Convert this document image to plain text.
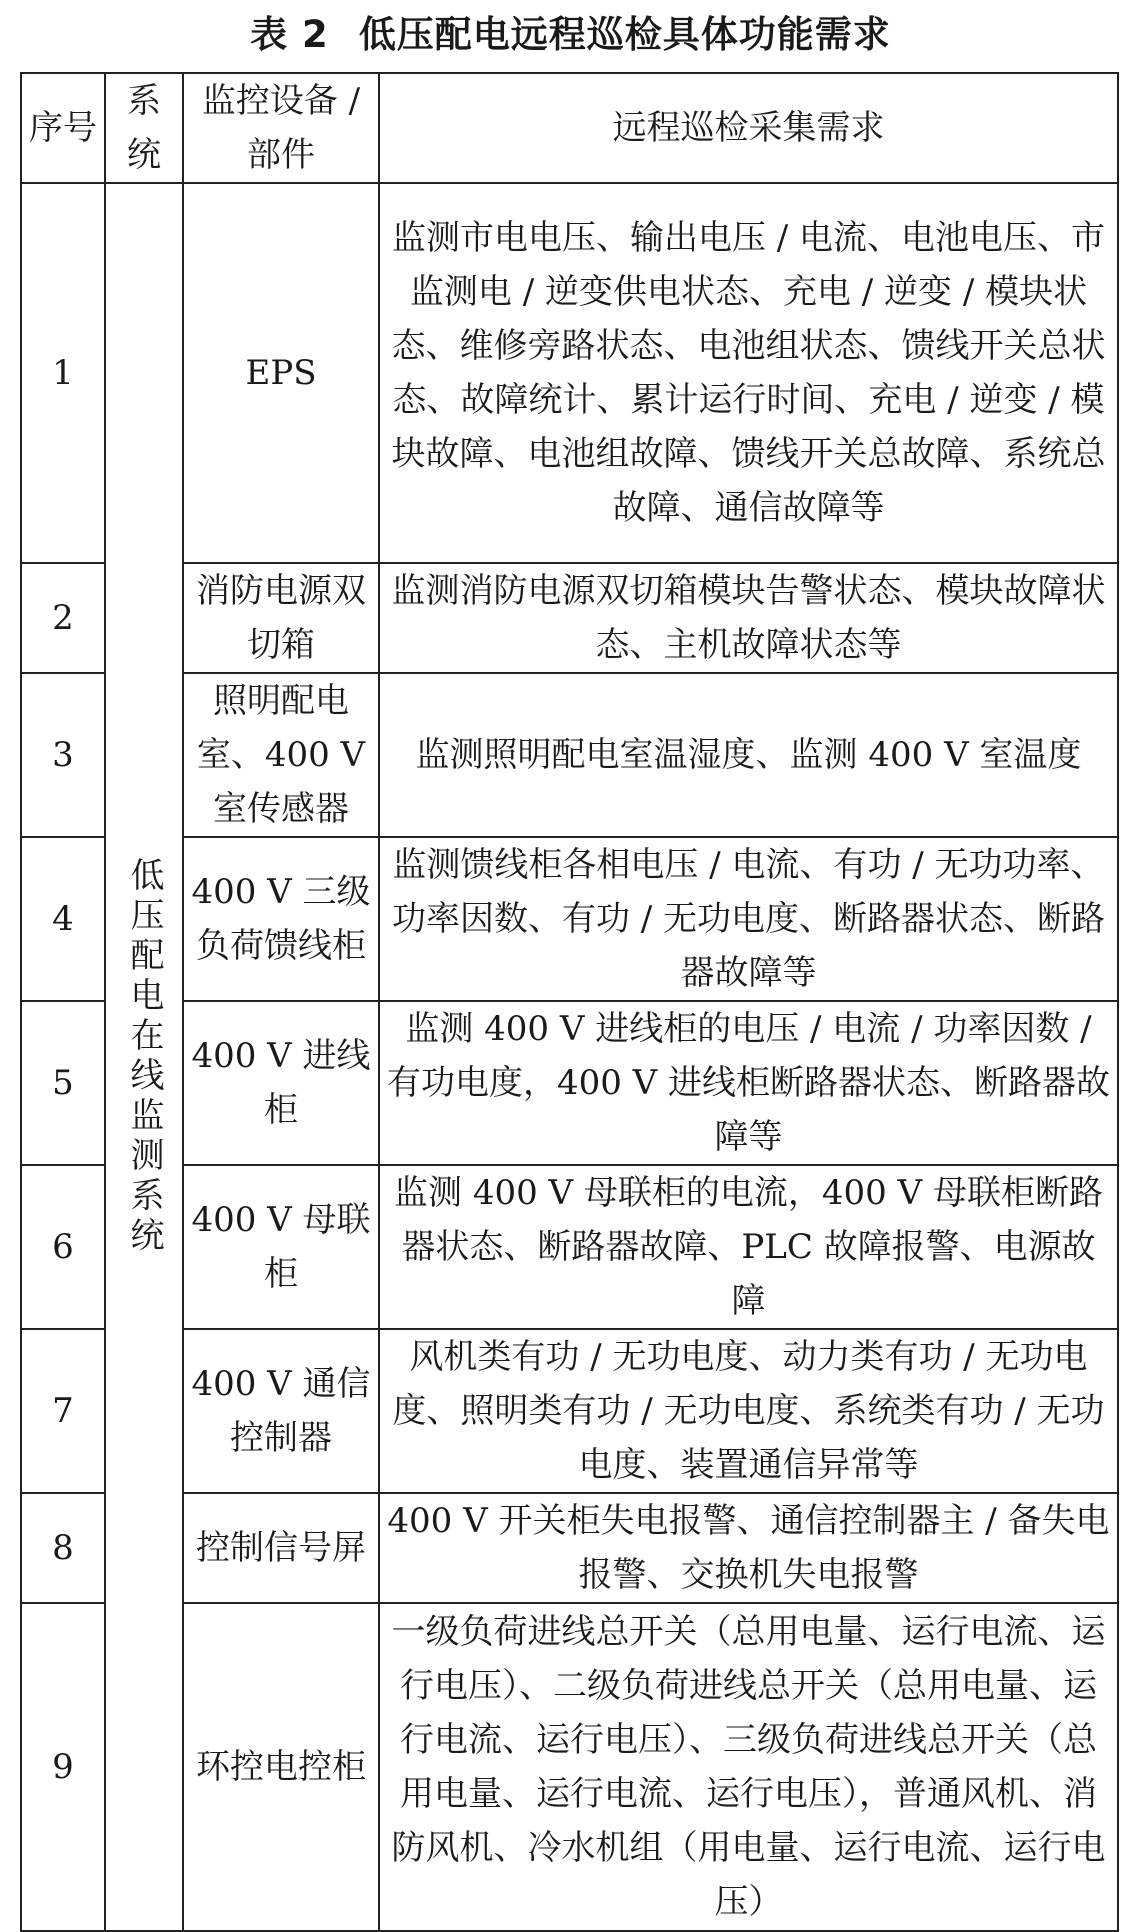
表 2 低压配电远程巡检具体功能需求
序号	系统	监控设备 / 部件	远程巡检采集需求
1	低压配电在线监测系统	EPS	监测市电电压、输出电压 / 电流、电池电压、市监测电 / 逆变供电状态、充电 / 逆变 / 模块状态、维修旁路状态、电池组状态、馈线开关总状态、故障统计、累计运行时间、充电 / 逆变 / 模块故障、电池组故障、馈线开关总故障、系统总故障、通信故障等
2		消防电源双切箱	监测消防电源双切箱模块告警状态、模块故障状态、主机故障状态等
3		照明配电室、400 V 室传感器	监测照明配电室温湿度、监测 400 V 室温度
4		400 V 三级负荷馈线柜	监测馈线柜各相电压 / 电流、有功 / 无功功率、功率因数、有功 / 无功电度、断路器状态、断路器故障等
5		400 V 进线柜	监测 400 V 进线柜的电压 / 电流 / 功率因数 / 有功电度，400 V 进线柜断路器状态、断路器故障等
6		400 V 母联柜	监测 400 V 母联柜的电流，400 V 母联柜断路器状态、断路器故障、PLC 故障报警、电源故障
7		400 V 通信控制器	风机类有功 / 无功电度、动力类有功 / 无功电度、照明类有功 / 无功电度、系统类有功 / 无功电度、装置通信异常等
8		控制信号屏	400 V 开关柜失电报警、通信控制器主 / 备失电报警、交换机失电报警
9		环控电控柜	一级负荷进线总开关（总用电量、运行电流、运行电压）、二级负荷进线总开关（总用电量、运行电流、运行电压）、三级负荷进线总开关（总用电量、运行电流、运行电压），普通风机、消防风机、冷水机组（用电量、运行电流、运行电压）
